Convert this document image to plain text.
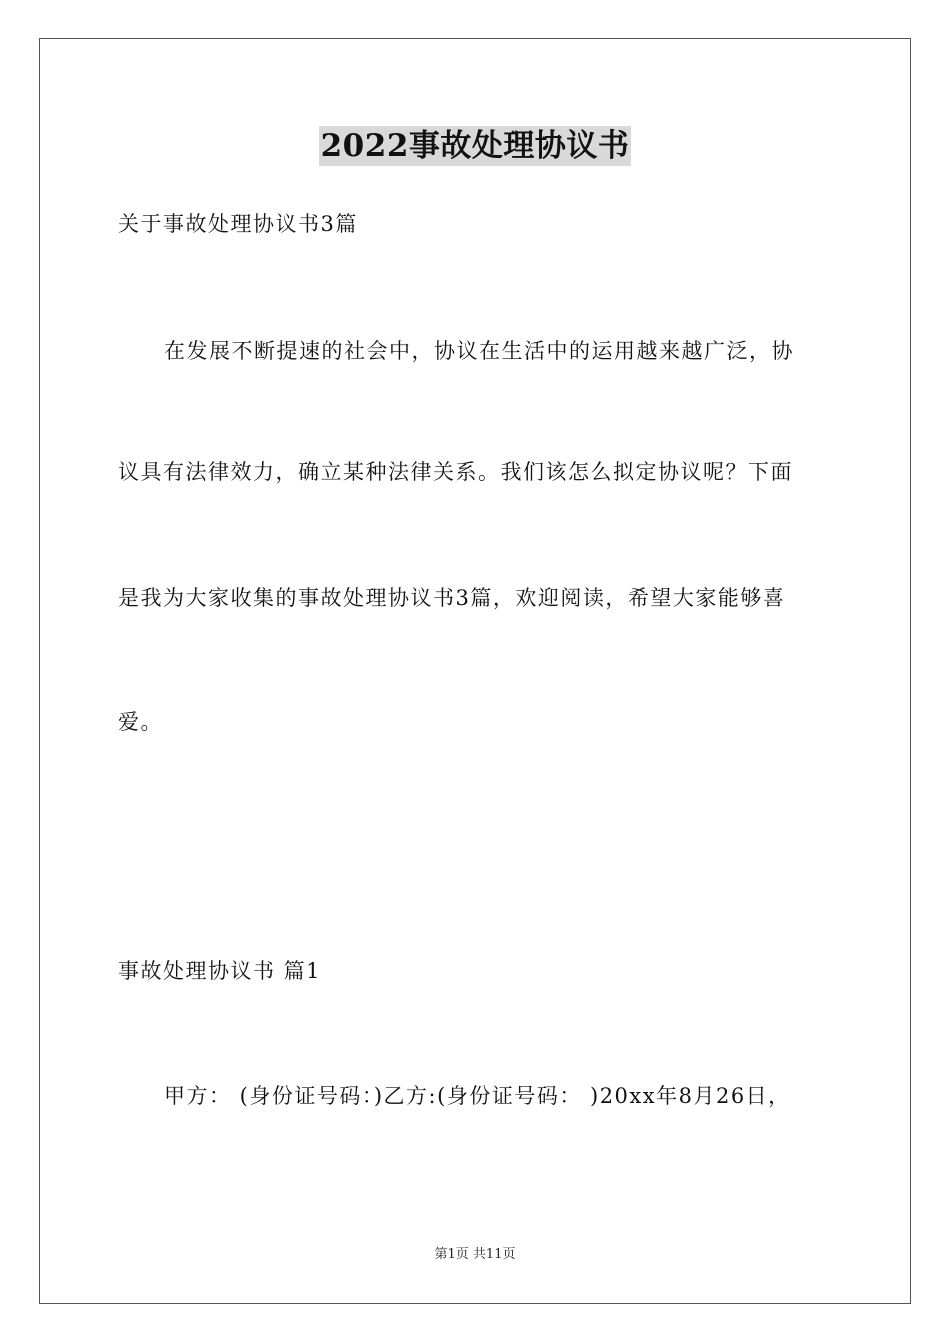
2022事故处理协议书
关于事故处理协议书3篇
在发展不断提速的社会中，协议在生活中的运用越来越广泛，协
议具有法律效力，确立某种法律关系。我们该怎么拟定协议呢？下面
是我为大家收集的事故处理协议书3篇，欢迎阅读，希望大家能够喜
爱。
事故处理协议书 篇1
甲方： (身份证号码：)乙方:(身份证号码： )20xx年8月26日，
第1页 共11页
